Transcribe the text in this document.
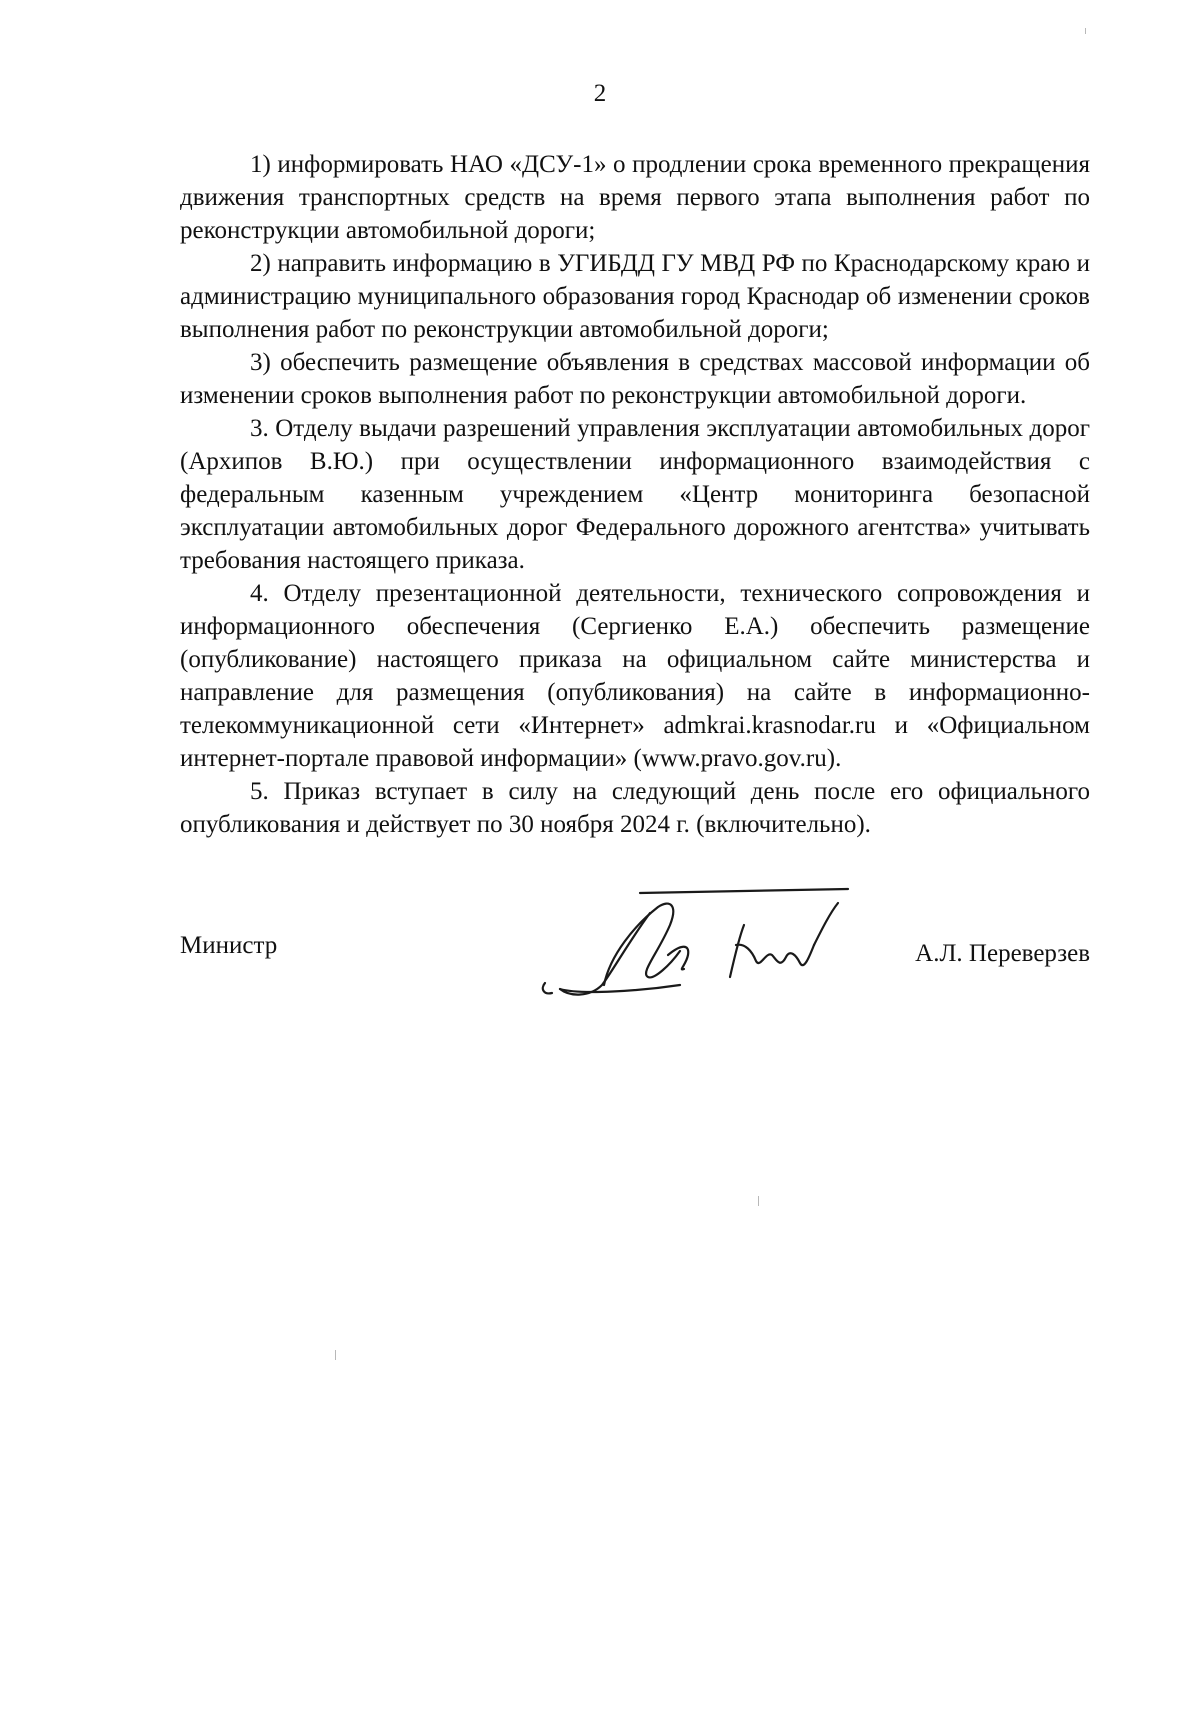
2

1) информировать НАО «ДСУ-1» о продлении срока временного прекращения движения транспортных средств на время первого этапа выполнения работ по реконструкции автомобильной дороги;

2) направить информацию в УГИБДД ГУ МВД РФ по Краснодарскому краю и администрацию муниципального образования город Краснодар об изменении сроков выполнения работ по реконструкции автомобильной дороги;

3) обеспечить размещение объявления в средствах массовой информации об изменении сроков выполнения работ по реконструкции автомобильной дороги.

3. Отделу выдачи разрешений управления эксплуатации автомобильных дорог (Архипов В.Ю.) при осуществлении информационного взаимодействия с федеральным казенным учреждением «Центр мониторинга безопасной эксплуатации автомобильных дорог Федерального дорожного агентства» учитывать требования настоящего приказа.

4. Отделу презентационной деятельности, технического сопровождения и информационного обеспечения (Сергиенко Е.А.) обеспечить размещение (опубликование) настоящего приказа на официальном сайте министерства и направление для размещения (опубликования) на сайте в информационно-телекоммуникационной сети «Интернет» admkrai.krasnodar.ru и «Официальном интернет-портале правовой информации» (www.pravo.gov.ru).

5. Приказ вступает в силу на следующий день после его официального опубликования и действует по 30 ноября 2024 г. (включительно).

Министр	А.Л. Переверзев
